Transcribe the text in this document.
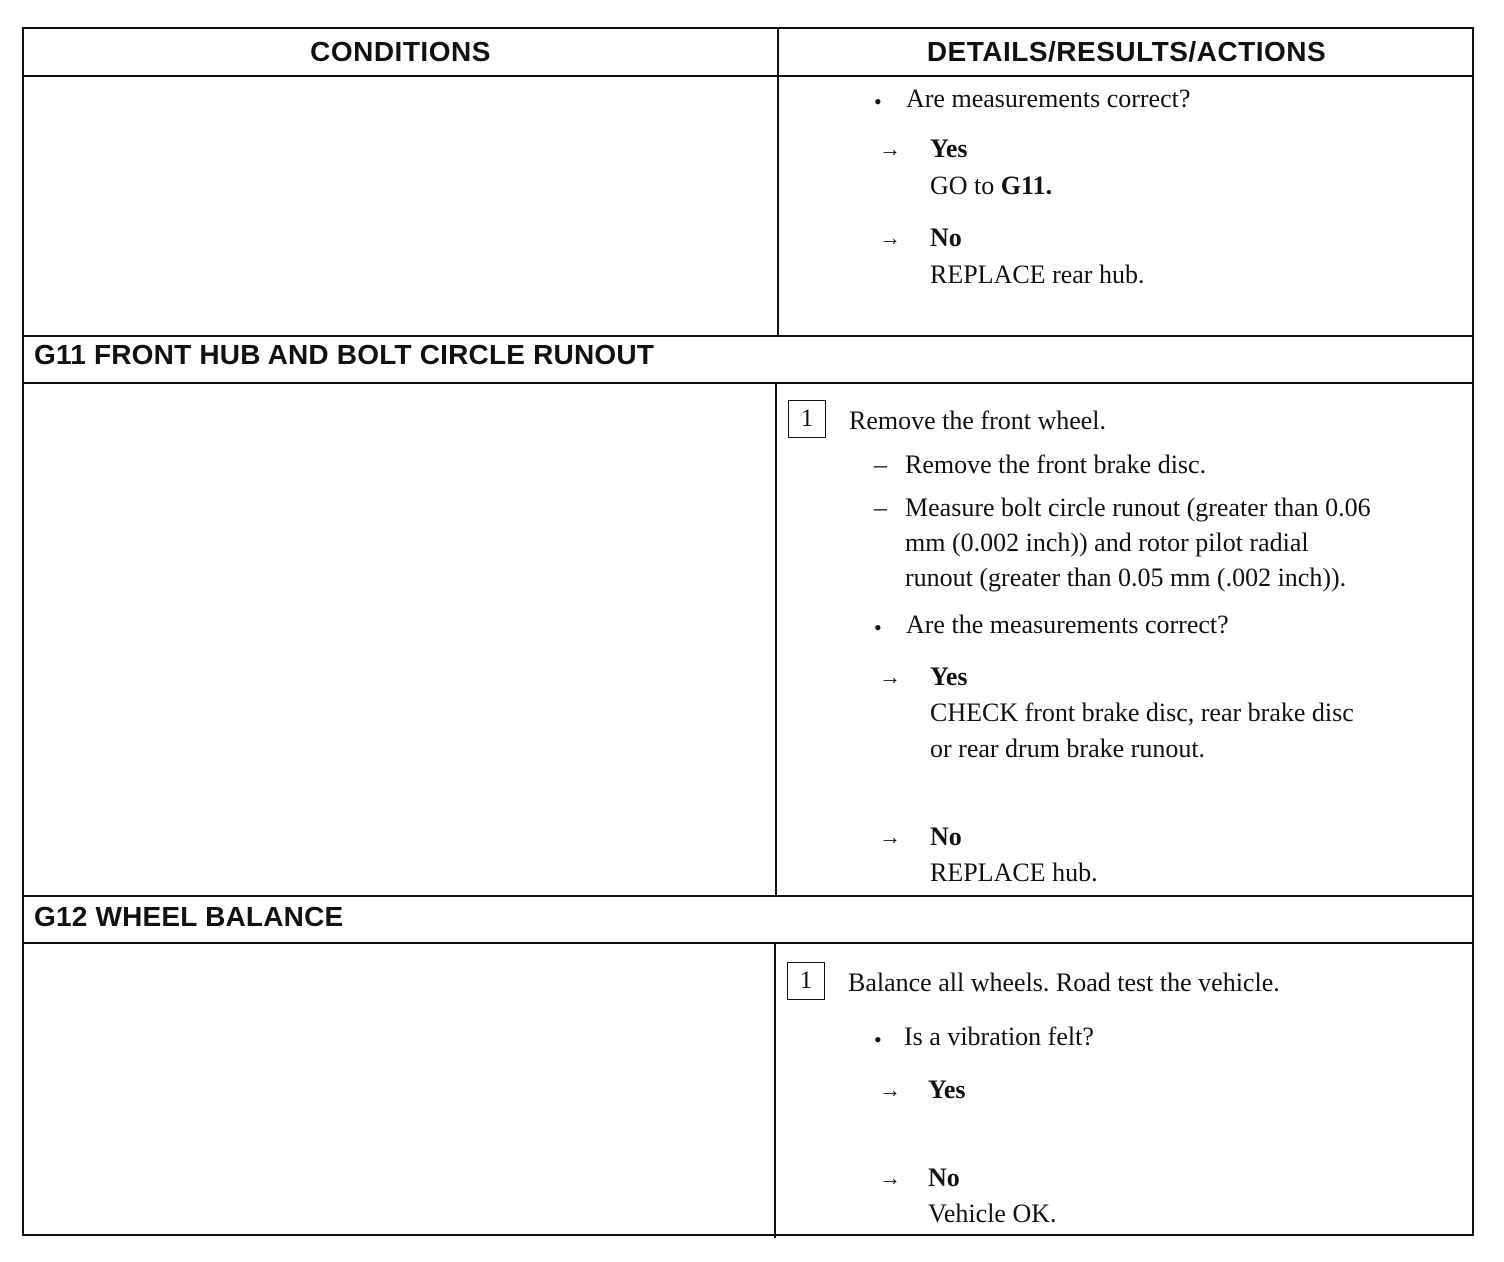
CONDITIONS	DETAILS/RESULTS/ACTIONS
• Are measurements correct?
→ Yes
GO to G11.
→ No
REPLACE rear hub.
G11 FRONT HUB AND BOLT CIRCLE RUNOUT
1	Remove the front wheel.
– Remove the front brake disc.
– Measure bolt circle runout (greater than 0.06
mm (0.002 inch)) and rotor pilot radial
runout (greater than 0.05 mm (.002 inch)).
• Are the measurements correct?
→ Yes
CHECK front brake disc, rear brake disc
or rear drum brake runout.
→ No
REPLACE hub.
G12 WHEEL BALANCE
1	Balance all wheels. Road test the vehicle.
• Is a vibration felt?
→ Yes
→ No
Vehicle OK.
